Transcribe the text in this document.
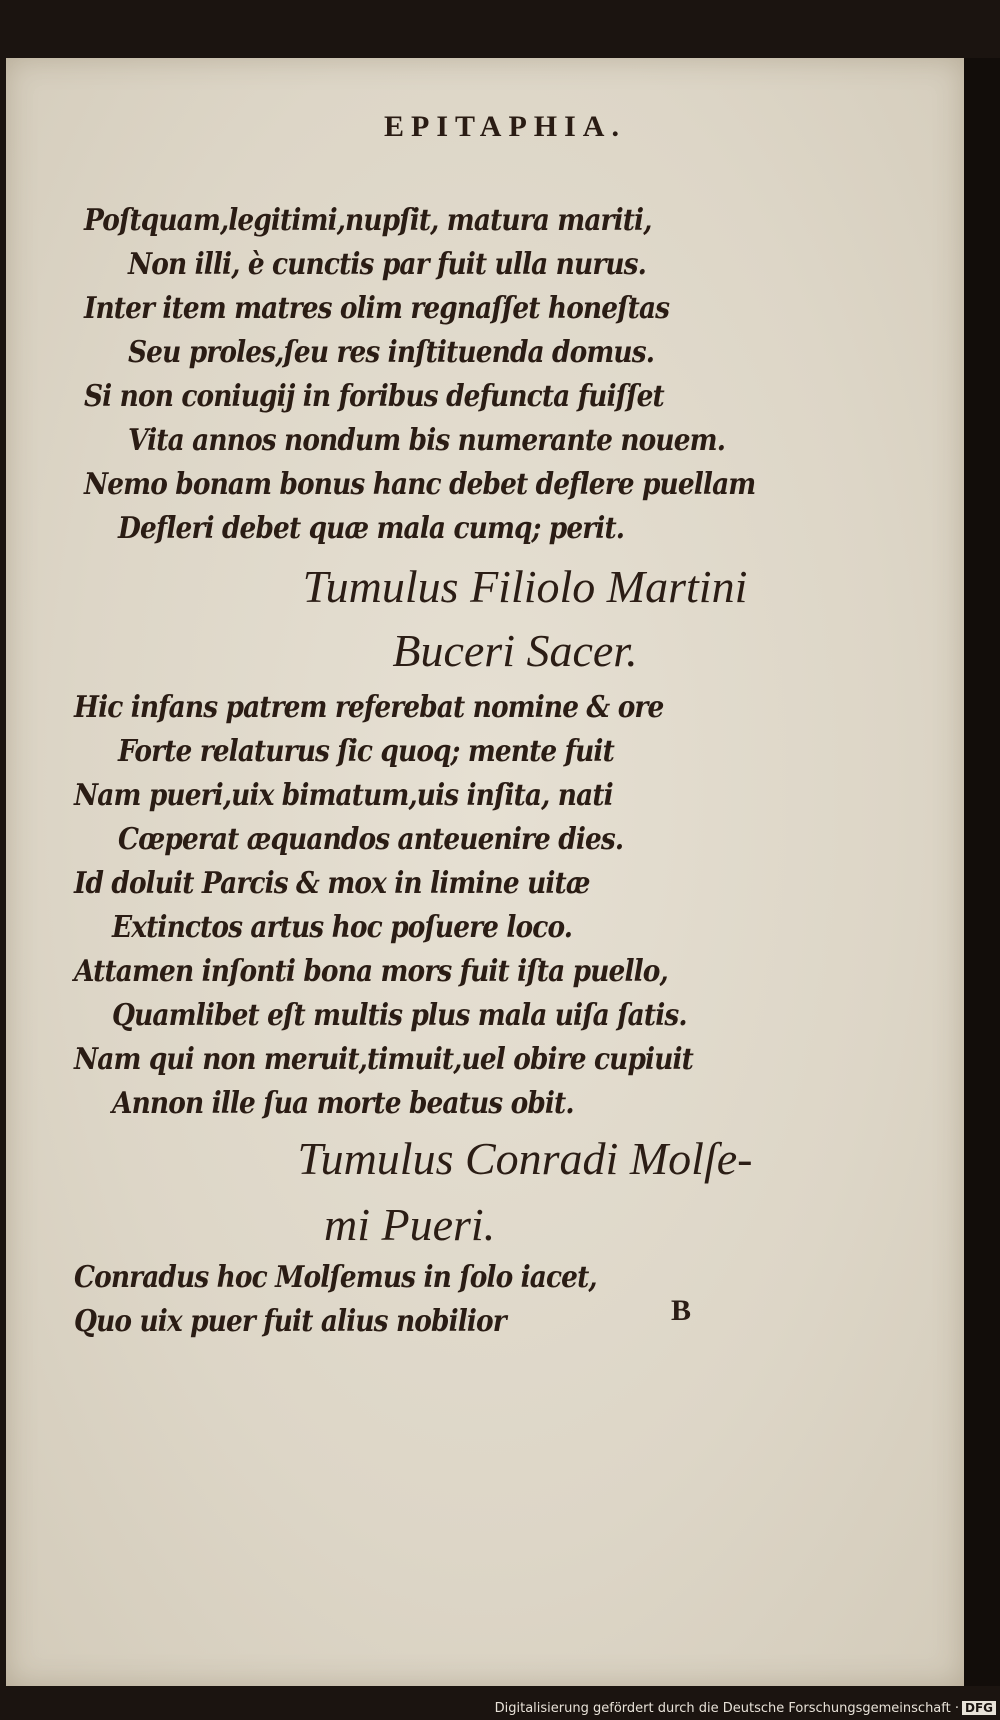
EPITAPHIA.
Poſtquam,legitimi,nupſit, matura mariti,
Non illi, è cunctis par fuit ulla nurus.
Inter item matres olim regnaſſet honeſtas
Seu proles,ſeu res inſtituenda domus.
Si non coniugij in foribus defuncta fuiſſet
Vita annos nondum bis numerante nouem.
Nemo bonam bonus hanc debet deflere puellam
Defleri debet quæ mala cumq; perit.
Tumulus Filiolo Martini
Buceri Sacer.
Hic infans patrem referebat nomine & ore
Forte relaturus ſic quoq; mente fuit
Nam pueri,uix bimatum,uis inſita, nati
Cœperat æquandos anteuenire dies.
Id doluit Parcis & mox in limine uitæ
Extinctos artus hoc poſuere loco.
Attamen inſonti bona mors fuit iſta puello,
Quamlibet eſt multis plus mala uiſa ſatis.
Nam qui non meruit,timuit,uel obire cupiuit
Annon ille ſua morte beatus obit.
Tumulus Conradi Molſe-
mi Pueri.
Conradus hoc Molſemus in ſolo iacet,
Quo uix puer fuit alius nobilior	B
Digitalisierung gefördert durch die Deutsche Forschungsgemeinschaft · DFG
